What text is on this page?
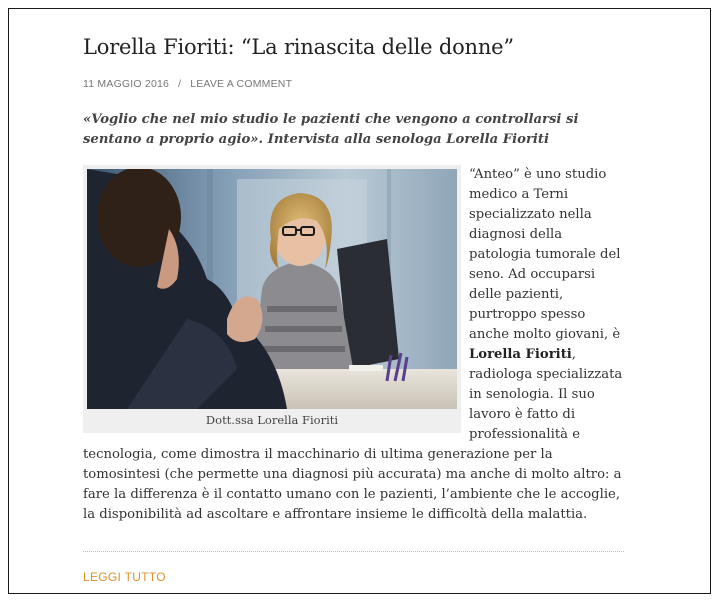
Lorella Fioriti: “La rinascita delle donne”
11 MAGGIO 2016 / LEAVE A COMMENT

«Voglio che nel mio studio le pazienti che vengono a controllarsi si sentano a proprio agio». Intervista alla senologa Lorella Fioriti

Dott.ssa Lorella Fioriti
“Anteo” è uno studio medico a Terni specializzato nella diagnosi della patologia tumorale del seno. Ad occuparsi delle pazienti, purtroppo spesso anche molto giovani, è Lorella Fioriti, radiologa specializzata in senologia. Il suo lavoro è fatto di professionalità e tecnologia, come dimostra il macchinario di ultima generazione per la tomosintesi (che permette una diagnosi più accurata) ma anche di molto altro: a fare la differenza è il contatto umano con le pazienti, l’ambiente che le accoglie, la disponibilità ad ascoltare e affrontare insieme le difficoltà della malattia.
LEGGI TUTTO
